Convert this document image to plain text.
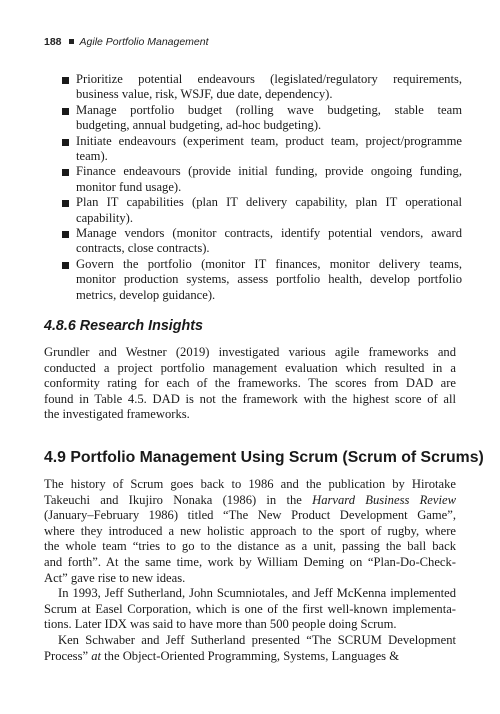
188 Agile Portfolio Management
Prioritize potential endeavours (legislated/regulatory requirements,
business value, risk, WSJF, due date, dependency).
Manage portfolio budget (rolling wave budgeting, stable team
budgeting, annual budgeting, ad-hoc budgeting).
Initiate endeavours (experiment team, product team, project/programme
team).
Finance endeavours (provide initial funding, provide ongoing funding,
monitor fund usage).
Plan IT capabilities (plan IT delivery capability, plan IT operational
capability).
Manage vendors (monitor contracts, identify potential vendors, award
contracts, close contracts).
Govern the portfolio (monitor IT finances, monitor delivery teams,
monitor production systems, assess portfolio health, develop portfolio
metrics, develop guidance).
4.8.6 Research Insights
Grundler and Westner (2019) investigated various agile frameworks and
conducted a project portfolio management evaluation which resulted in a
conformity rating for each of the frameworks. The scores from DAD are
found in Table 4.5. DAD is not the framework with the highest score of all
the investigated frameworks.
4.9 Portfolio Management Using Scrum (Scrum of Scrums)

The history of Scrum goes back to 1986 and the publication by Hirotake
Takeuchi and Ikujiro Nonaka (1986) in the Harvard Business Review
(January–February 1986) titled “The New Product Development Game”,
where they introduced a new holistic approach to the sport of rugby, where
the whole team “tries to go to the distance as a unit, passing the ball back
and forth”. At the same time, work by William Deming on “Plan-Do-Check-
Act” gave rise to new ideas.

In 1993, Jeff Sutherland, John Scumniotales, and Jeff McKenna implemented
Scrum at Easel Corporation, which is one of the first well-known implementa-
tions. Later IDX was said to have more than 500 people doing Scrum.

Ken Schwaber and Jeff Sutherland presented “The SCRUM Development
Process” at the Object-Oriented Programming, Systems, Languages &
